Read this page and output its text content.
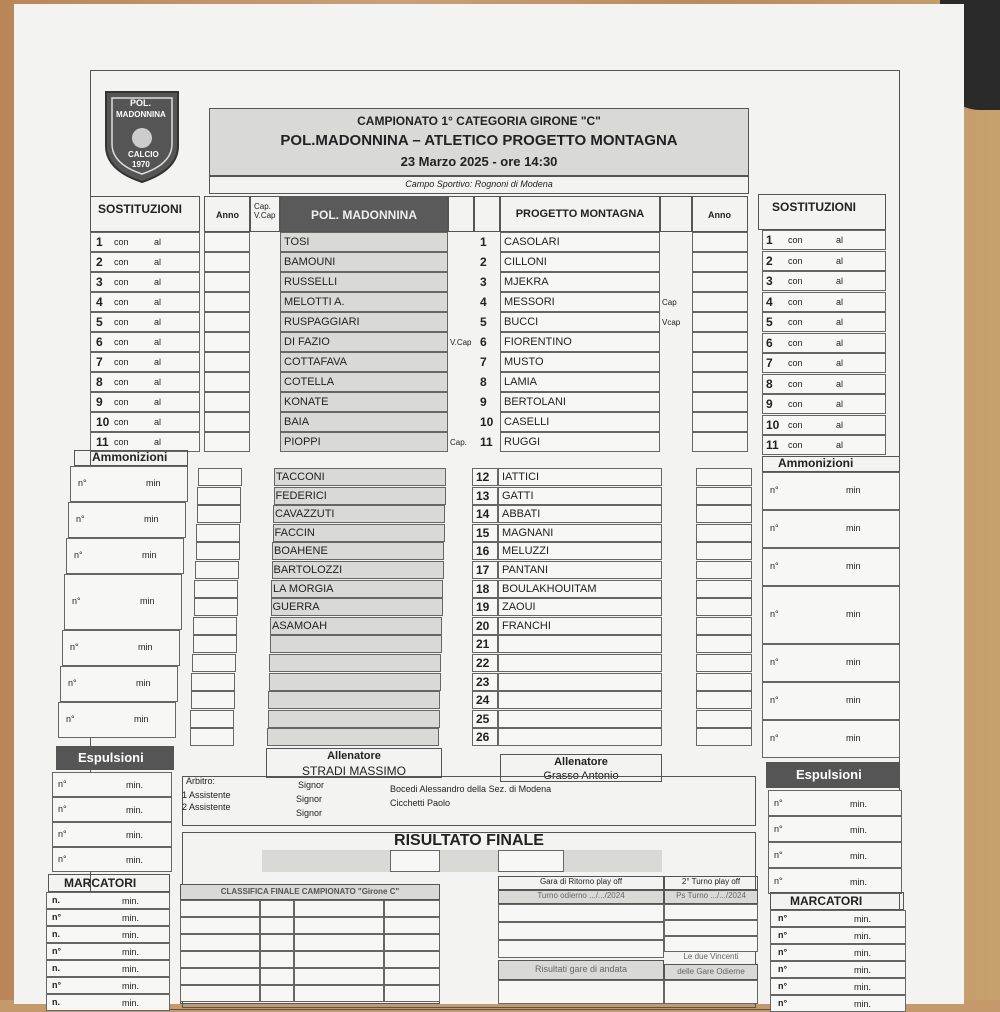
POL.
MADONNINA
CALCIO
1970
CAMPIONATO 1° CATEGORIA GIRONE "C"
POL.MADONNINA – ATLETICO PROGETTO MONTAGNA
23 Marzo 2025 - ore 14:30
Campo Sportivo: Rognoni di Modena
SOSTITUZIONI
1 con	al
2 con	al
3 con	al
4 con	al
5 con	al
6 con	al
7 con	al
8 con	al
9 con	al
10 con	al
11 con	al
Anno
Cap.
V.Cap	POL. MADONNINA	PROGETTO MONTAGNA	Anno
SOSTITUZIONI
1 con	al
2 con	al
3 con	al
4 con	al
5 con	al
6 con	al
7 con	al
8 con	al
9 con	al
10 con	al
11 con	al
TOSI	1 CASOLARI
BAMOUNI	2 CILLONI
RUSSELLI	3 MJEKRA
MELOTTI A.	4 MESSORI	Cap
RUSPAGGIARI	5 BUCCI	Vcap
DI FAZIO	V.Cap 6 FIORENTINO
COTTAFAVA	7 MUSTO
COTELLA	8 LAMIA
KONATE	9 BERTOLANI
BAIA	10 CASELLI
PIOPPI	Cap. 11 RUGGI
TACCONI	12 IATTICI
FEDERICI	13 GATTI
CAVAZZUTI	14 ABBATI
FACCIN	15 MAGNANI
BOAHENE	16 MELUZZI
BARTOLOZZI	17 PANTANI
LA MORGIA	18 BOULAKHOUITAM
GUERRA	19 ZAOUI
ASAMOAH	20 FRANCHI
21
22
23
24
25
26
Ammonizioni
n°	min
n°	min
n°	min
n°	min
n°	min
n°	min
n°	min
Ammonizioni
n°	min
n°	min
n°	min
n°	min
n°	min
n°	min
n°	min
Espulsioni
n°	min.
n°	min.
n°	min.
n°	min.
Espulsioni
n°	min.
n°	min.
n°	min.
n°	min.
MARCATORI
n.	min.
n°	min.
n.	min.
n°	min.
n.	min.
n°	min.
n.	min.
MARCATORI
n°	min.
n°	min.
n°	min.
n°	min.
n°	min.
n°	min.
Allenatore
STRADI MASSIMO
Allenatore
Grasso Antonio
Arbitro:
1 Assistente
2 Assistente
Signor
Signor
Signor
Bocedi Alessandro della Sez. di Modena
Cicchetti Paolo
RISULTATO FINALE
CLASSIFICA FINALE CAMPIONATO "Girone C"
Gara di Ritorno play off
Turno odierno .../.../2024
2° Turno play off
Ps Turno .../.../2024
Risultati gare di andata
Le due Vincenti
delle Gare Odierne
